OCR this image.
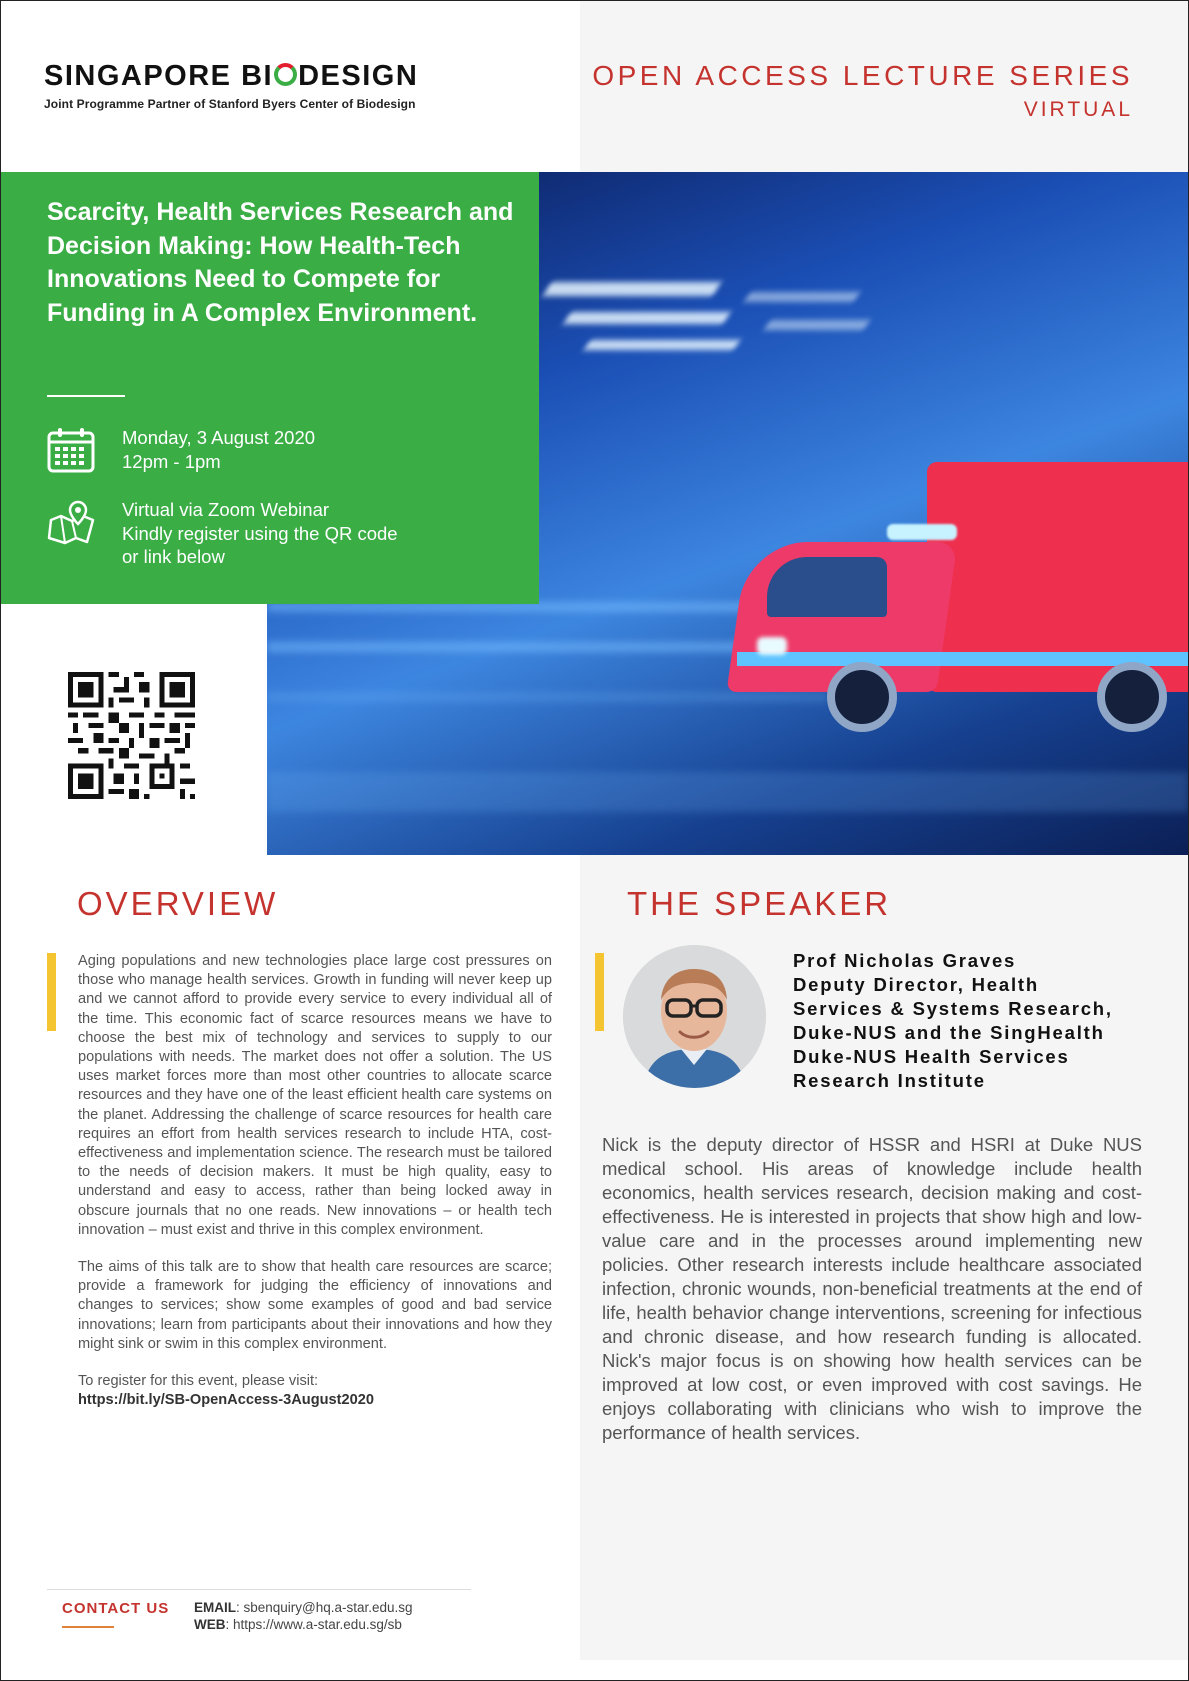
SINGAPORE BI DESIGN
Joint Programme Partner of Stanford Byers Center of Biodesign
OPEN ACCESS LECTURE SERIES
VIRTUAL
Scarcity, Health Services Research and Decision Making: How Health-Tech Innovations Need to Compete for Funding in A Complex Environment.
Monday, 3 August 2020
12pm - 1pm
Virtual via Zoom Webinar
Kindly register using the QR code
or link below
OVERVIEW

Aging populations and new technologies place large cost pressures on those who manage health services. Growth in funding will never keep up and we cannot afford to provide every service to every individual all of the time. This economic fact of scarce resources means we have to choose the best mix of technology and services to supply to our populations with needs. The market does not offer a solution. The US uses market forces more than most other countries to allocate scarce resources and they have one of the least efficient health care systems on the planet. Addressing the challenge of scarce resources for health care requires an effort from health services research to include HTA, cost-effectiveness and implementation science. The research must be tailored to the needs of decision makers. It must be high quality, easy to understand and easy to access, rather than being locked away in obscure journals that no one reads. New innovations – or health tech innovation – must exist and thrive in this complex environment.

The aims of this talk are to show that health care resources are scarce; provide a framework for judging the efficiency of innovations and changes to services; show some examples of good and bad service innovations; learn from participants about their innovations and how they might sink or swim in this complex environment.

To register for this event, please visit:
https://bit.ly/SB-OpenAccess-3August2020

THE SPEAKER
Prof Nicholas Graves
Deputy Director, Health
Services & Systems Research,
Duke-NUS and the SingHealth
Duke-NUS Health Services
Research Institute
Nick is the deputy director of HSSR and HSRI at Duke NUS medical school. His areas of knowledge include health economics, health services research, decision making and cost-effectiveness. He is interested in projects that show high and low-value care and in the processes around implementing new policies. Other research interests include healthcare associated infection, chronic wounds, non-beneficial treatments at the end of life, health behavior change interventions, screening for infectious and chronic disease, and how research funding is allocated. Nick's major focus is on showing how health services can be improved at low cost, or even improved with cost savings. He enjoys collaborating with clinicians who wish to improve the performance of health services.
CONTACT US EMAIL: sbenquiry@hq.a-star.edu.sg
WEB: https://www.a-star.edu.sg/sb
